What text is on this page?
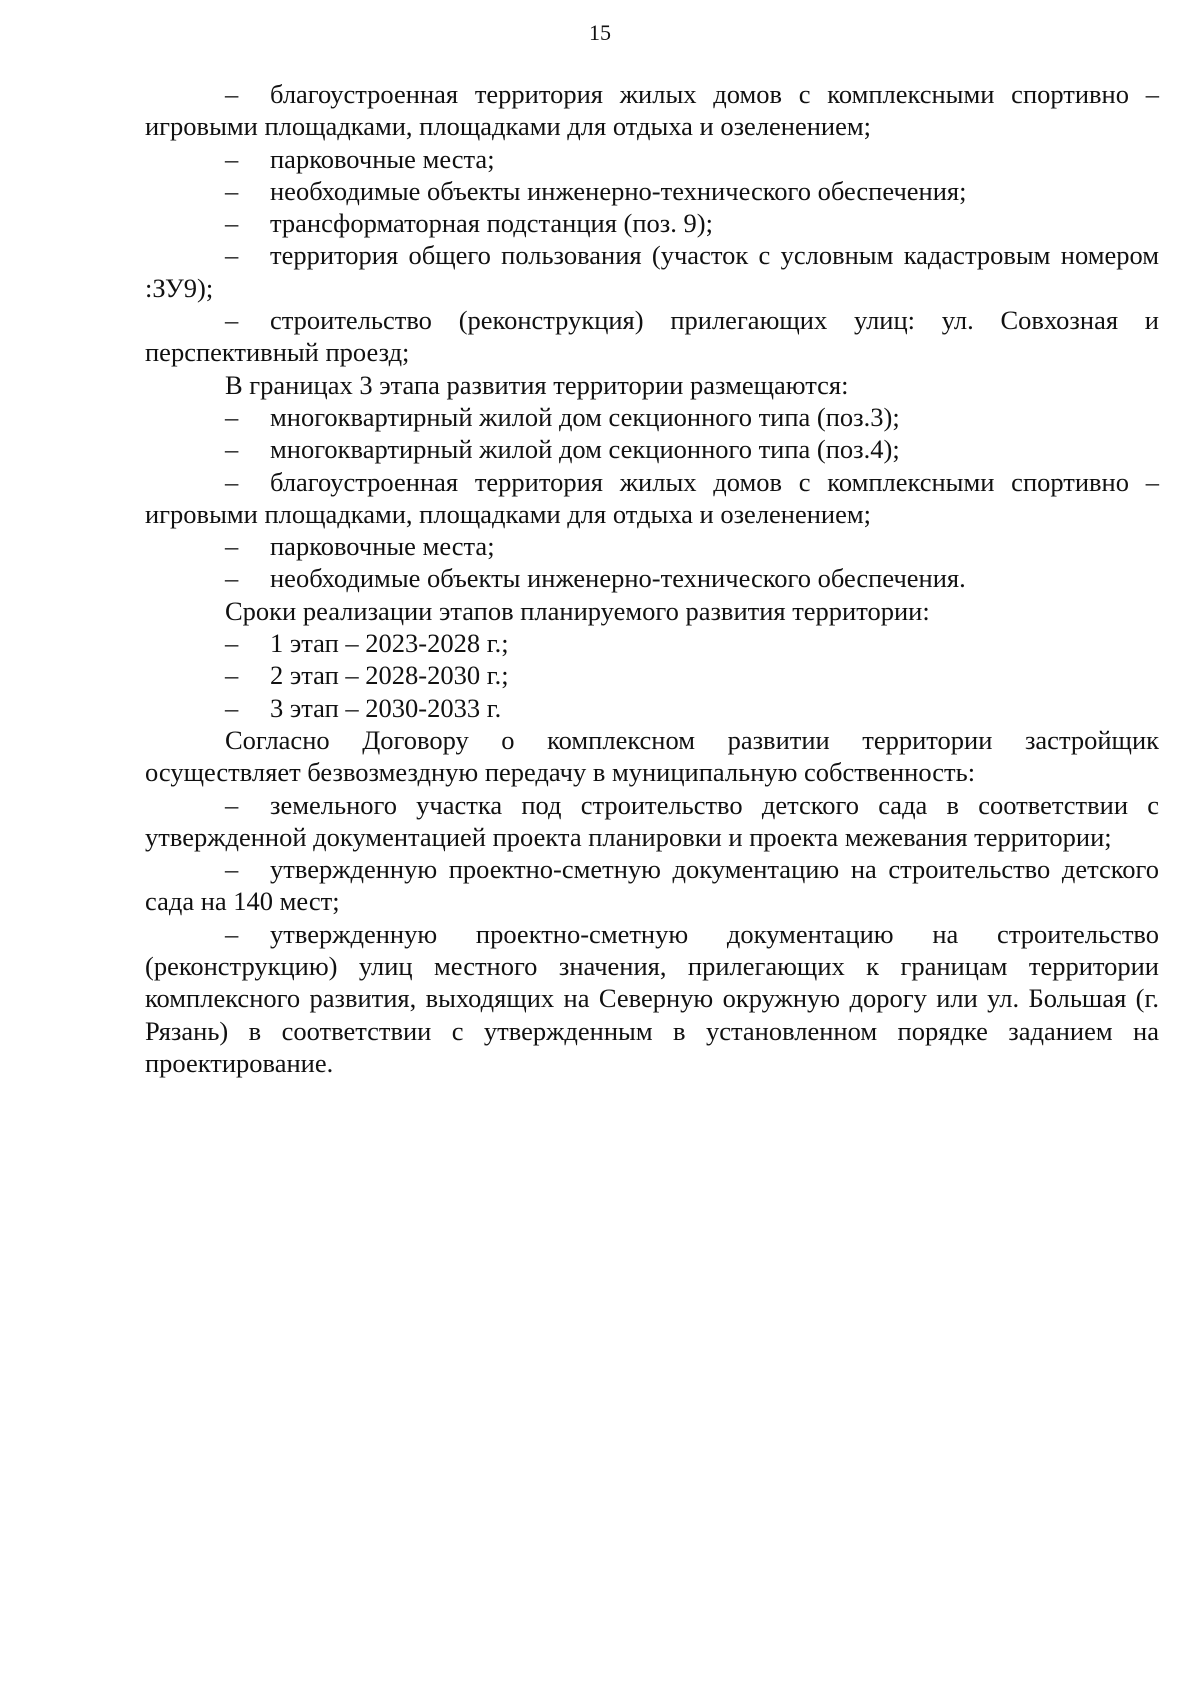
15

– благоустроенная территория жилых домов с комплексными спортивно – игровыми площадками, площадками для отдыха и озеленением;

– парковочные места;

– необходимые объекты инженерно-технического обеспечения;

– трансформаторная подстанция (поз. 9);

– территория общего пользования (участок с условным кадастровым номером :ЗУ9);

– строительство (реконструкция) прилегающих улиц: ул. Совхозная и перспективный проезд;

В границах 3 этапа развития территории размещаются:

– многоквартирный жилой дом секционного типа (поз.3);

– многоквартирный жилой дом секционного типа (поз.4);

– благоустроенная территория жилых домов с комплексными спортивно – игровыми площадками, площадками для отдыха и озеленением;

– парковочные места;

– необходимые объекты инженерно-технического обеспечения.

Сроки реализации этапов планируемого развития территории:

– 1 этап – 2023-2028 г.;

– 2 этап – 2028-2030 г.;

– 3 этап – 2030-2033 г.

Согласно Договору о комплексном развитии территории застройщик осуществляет безвозмездную передачу в муниципальную собственность:

– земельного участка под строительство детского сада в соответствии с утвержденной документацией проекта планировки и проекта межевания территории;

– утвержденную проектно-сметную документацию на строительство детского сада на 140 мест;

– утвержденную проектно-сметную документацию на строительство (реконструкцию) улиц местного значения, прилегающих к границам территории комплексного развития, выходящих на Северную окружную дорогу или ул. Большая (г. Рязань) в соответствии с утвержденным в установленном порядке заданием на проектирование.
